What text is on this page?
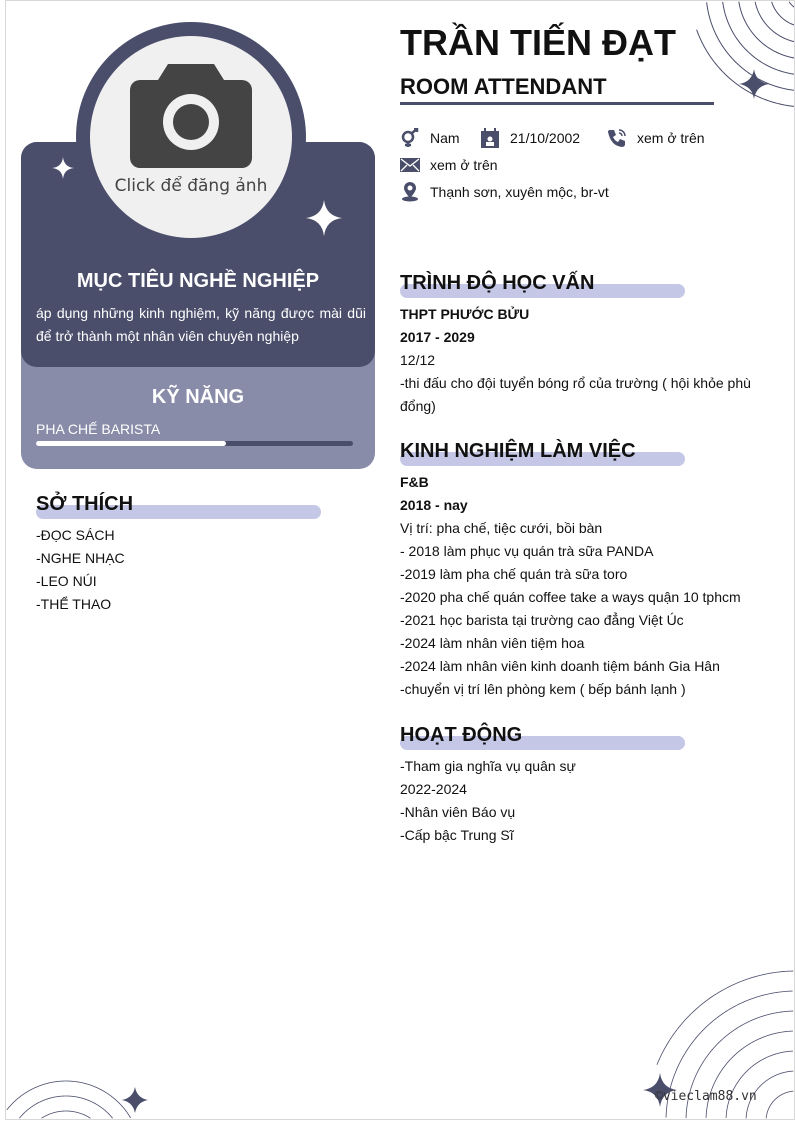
Click để đăng ảnh
MỤC TIÊU NGHỀ NGHIỆP
áp dụng những kinh nghiệm, kỹ năng được mài dũi để trở thành một nhân viên chuyên nghiệp
KỸ NĂNG
PHA CHẾ BARISTA
SỞ THÍCH
-ĐỌC SÁCH
-NGHE NHẠC
-LEO NÚI
-THỂ THAO
TRẦN TIẾN ĐẠT
ROOM ATTENDANT
Nam	21/10/2002	xem ở trên
xem ở trên
Thạnh sơn, xuyên mộc, br-vt
TRÌNH ĐỘ HỌC VẤN
THPT PHƯỚC BỬU
2017 - 2029
12/12
-thi đấu cho đội tuyển bóng rổ của trường ( hội khỏe phù đổng)
KINH NGHIỆM LÀM VIỆC
F&B
2018 - nay
Vị trí: pha chế, tiệc cưới, bồi bàn
- 2018 làm phục vụ quán trà sữa PANDA
-2019 làm pha chế quán trà sữa toro
-2020 pha chế quán coffee take a ways quận 10 tphcm
-2021 học barista tại trường cao đẳng Việt Úc
-2024 làm nhân viên tiệm hoa
-2024 làm nhân viên kinh doanh tiệm bánh Gia Hân
-chuyển vị trí lên phòng kem ( bếp bánh lạnh )
HOẠT ĐỘNG
-Tham gia nghĩa vụ quân sự
2022-2024
-Nhân viên Báo vụ
-Cấp bậc Trung Sĩ
©vieclam88.vn
